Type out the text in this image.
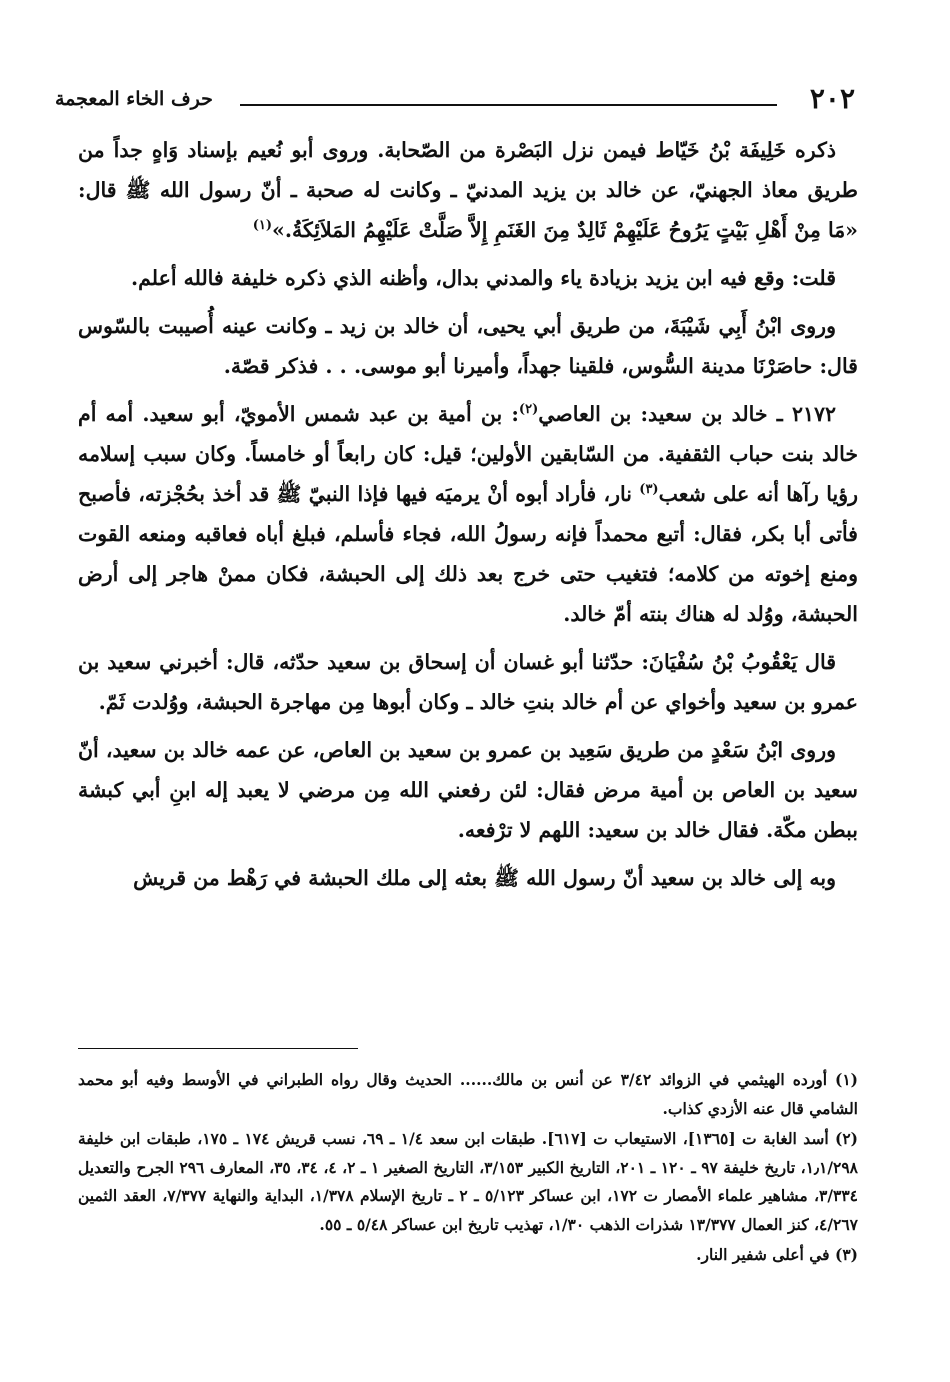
٢٠٢
حرف الخاء المعجمة

ذكره خَلِيفَة بْنُ خَيّاط فيمن نزل البَصْرة من الصّحابة. وروى أبو نُعيم بإسناد وَاهٍ جداً من طريق معاذ الجهنيّ، عن خالد بن يزيد المدنيّ ـ وكانت له صحبة ـ أنّ رسول الله ﷺ قال: «مَا مِنْ أَهْلِ بَيْتٍ يَرُوحُ عَلَيْهِمْ ثَالِدٌ مِنَ الغَنَمِ إِلاَّ صَلَّتْ عَلَيْهِمُ المَلاَئِكَةُ.»$^{(١)}$

قلت: وقع فيه ابن يزيد بزيادة ياء والمدني بدال، وأظنه الذي ذكره خليفة فالله أعلم.

وروى ابْنُ أَبِي شَيْبَةَ، من طريق أبي يحيى، أن خالد بن زيد ـ وكانت عينه أُصيبت بالسّوس قال: حاصَرْنَا مدينة السُّوس، فلقينا جهداً، وأميرنا أبو موسى. . . فذكر قصّة.

٢١٧٢ ـ خالد بن سعيد: بن العاصي$^{(٢)}$: بن أمية بن عبد شمس الأمويّ، أبو سعيد. أمه أم خالد بنت حباب الثقفية. من السّابقين الأولين؛ قيل: كان رابعاً أو خامساً. وكان سبب إسلامه رؤيا رآها أنه على شعب$^{(٣)}$ نار، فأراد أبوه أنْ يرميَه فيها فإذا النبيّ ﷺ قد أخذ بحُجْزته، فأصبح فأتى أبا بكر، فقال: أتبع محمداً فإنه رسولُ الله، فجاء فأسلم، فبلغ أباه فعاقبه ومنعه القوت ومنع إخوته من كلامه؛ فتغيب حتى خرج بعد ذلك إلى الحبشة، فكان ممنْ هاجر إلى أرض الحبشة، ووُلد له هناك بنته أمّ خالد.

قال يَعْقُوبُ بْنُ سُفْيَانَ: حدّثنا أبو غسان أن إسحاق بن سعيد حدّثه، قال: أخبرني سعيد بن عمرو بن سعيد وأخواي عن أم خالد بنتِ خالد ـ وكان أبوها مِن مهاجرة الحبشة، ووُلدت ثَمّ.

وروى ابْنُ سَعْدٍ من طريق سَعِيد بن عمرو بن سعيد بن العاص، عن عمه خالد بن سعيد، أنّ سعيد بن العاص بن أمية مرض فقال: لئن رفعني الله مِن مرضي لا يعبد إله ابنِ أبي كبشة ببطن مكّة. فقال خالد بن سعيد: اللهم لا ترْفعه.

وبه إلى خالد بن سعيد أنّ رسول الله ﷺ بعثه إلى ملك الحبشة في رَهْط من قريش

(١) أورده الهيثمي في الزوائد ٣/٤٢ عن أنس بن مالك...... الحديث وقال رواه الطبراني في الأوسط وفيه أبو محمد الشامي قال عنه الأزدي كذاب.

(٢) أسد الغابة ت [١٣٦٥]، الاستيعاب ت [٦١٧]. طبقات ابن سعد ١/٤ ـ ٦٩، نسب قريش ١٧٤ ـ ١٧٥، طبقات ابن خليفة ١٫١/٢٩٨، تاريخ خليفة ٩٧ ـ ١٢٠ ـ ٢٠١، التاريخ الكبير ٣/١٥٣، التاريخ الصغير ١ ـ ٢، ٤، ٣٤، ٣٥، المعارف ٢٩٦ الجرح والتعديل ٣/٣٣٤، مشاهير علماء الأمصار ت ١٧٢، ابن عساكر ٥/١٢٣ ـ ٢ ـ تاريخ الإسلام ١/٣٧٨، البداية والنهاية ٧/٣٧٧، العقد الثمين ٤/٢٦٧، كنز العمال ١٣/٣٧٧ شذرات الذهب ١/٣٠، تهذيب تاريخ ابن عساكر ٥/٤٨ ـ ٥٥.

(٣) في أعلى شفير النار.
